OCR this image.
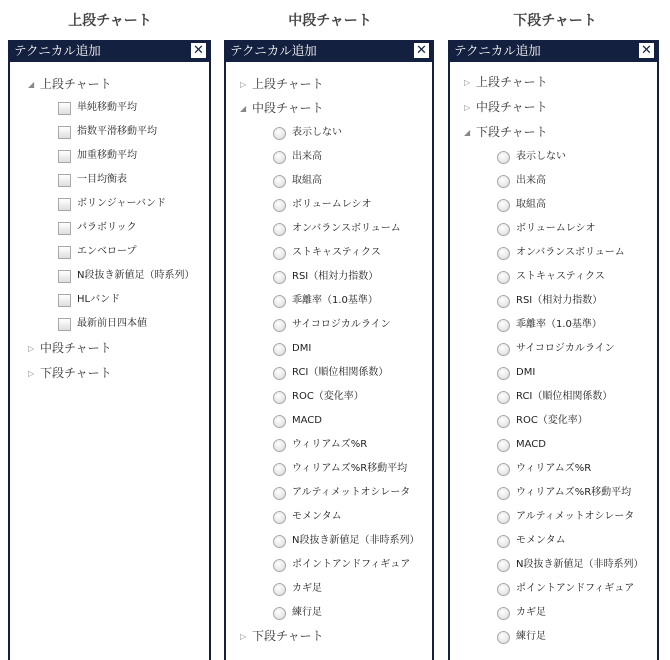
上段チャート	中段チャート	下段チャート
テクニカル追加	✕
◢ 上段チャート
単純移動平均
指数平滑移動平均
加重移動平均
一目均衡表
ボリンジャーバンド
パラボリック
エンベロープ
N段抜き新値足（時系列）
HLバンド
最新前日四本値
▷ 中段チャート
▷ 下段チャート
テクニカル追加	✕
▷ 上段チャート
◢ 中段チャート
表示しない
出来高
取組高
ボリュームレシオ
オンバランスボリューム
ストキャスティクス
RSI（相対力指数）
乖離率（1.0基準）
サイコロジカルライン
DMI
RCI（順位相関係数）
ROC（変化率）
MACD
ウィリアムズ%R
ウィリアムズ%R移動平均
アルティメットオシレータ
モメンタム
N段抜き新値足（非時系列）
ポイントアンドフィギュア
カギ足
練行足
▷ 下段チャート
テクニカル追加	✕
▷ 上段チャート
▷ 中段チャート
◢ 下段チャート
表示しない
出来高
取組高
ボリュームレシオ
オンバランスボリューム
ストキャスティクス
RSI（相対力指数）
乖離率（1.0基準）
サイコロジカルライン
DMI
RCI（順位相関係数）
ROC（変化率）
MACD
ウィリアムズ%R
ウィリアムズ%R移動平均
アルティメットオシレータ
モメンタム
N段抜き新値足（非時系列）
ポイントアンドフィギュア
カギ足
練行足
